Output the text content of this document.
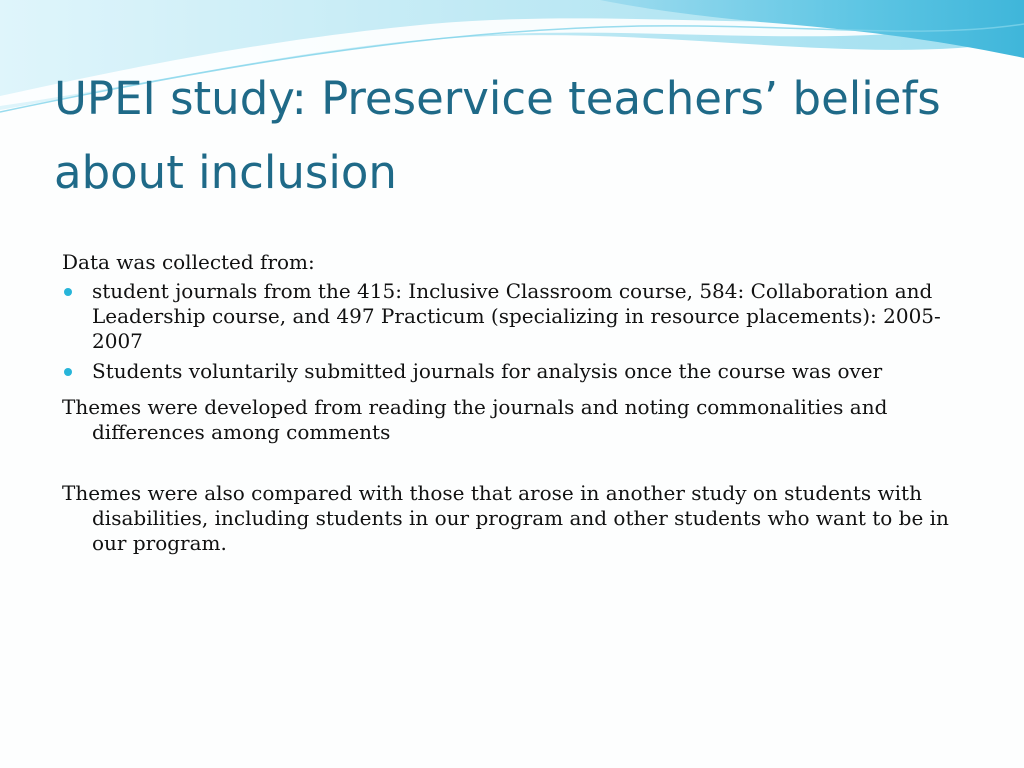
UPEI study: Preservice teachers’ beliefs about inclusion

Data was collected from:

student journals from the 415: Inclusive Classroom course, 584: Collaboration and Leadership course, and 497 Practicum (specializing in resource placements): 2005-2007
Students voluntarily submitted journals for analysis once the course was over

Themes were developed from reading the journals and noting commonalities and differences among comments

Themes were also compared with those that arose in another study on students with disabilities, including students in our program and other students who want to be in our program.
